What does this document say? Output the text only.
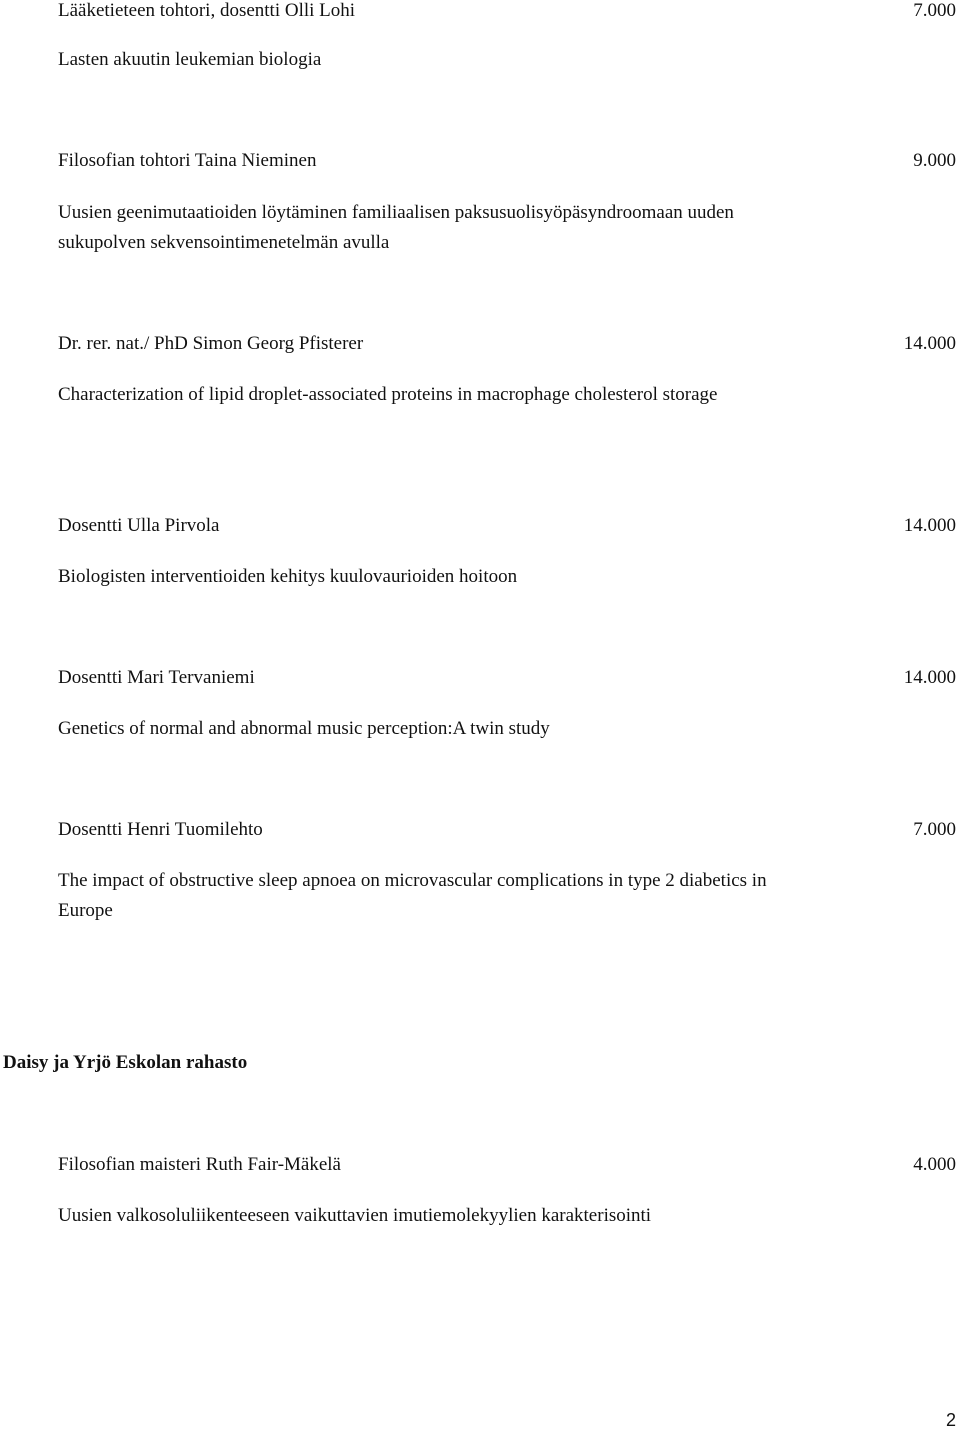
Lääketieteen tohtori, dosentti Olli Lohi	7.000
Lasten akuutin leukemian biologia
Filosofian tohtori Taina Nieminen	9.000
Uusien geenimutaatioiden löytäminen familiaalisen paksusuolisyöpäsyndroomaan uuden sukupolven sekvensointimenetelmän avulla
Dr. rer. nat./ PhD Simon Georg Pfisterer	14.000
Characterization of lipid droplet-associated proteins in macrophage cholesterol storage
Dosentti Ulla Pirvola	14.000
Biologisten interventioiden kehitys kuulovaurioiden hoitoon
Dosentti Mari Tervaniemi	14.000
Genetics of normal and abnormal music perception:A twin study
Dosentti Henri Tuomilehto	7.000
The impact of obstructive sleep apnoea on microvascular complications in type 2 diabetics in Europe
Daisy ja Yrjö Eskolan rahasto
Filosofian maisteri Ruth Fair-Mäkelä	4.000
Uusien valkosoluliikenteeseen vaikuttavien imutiemolekyylien karakterisointi
2
